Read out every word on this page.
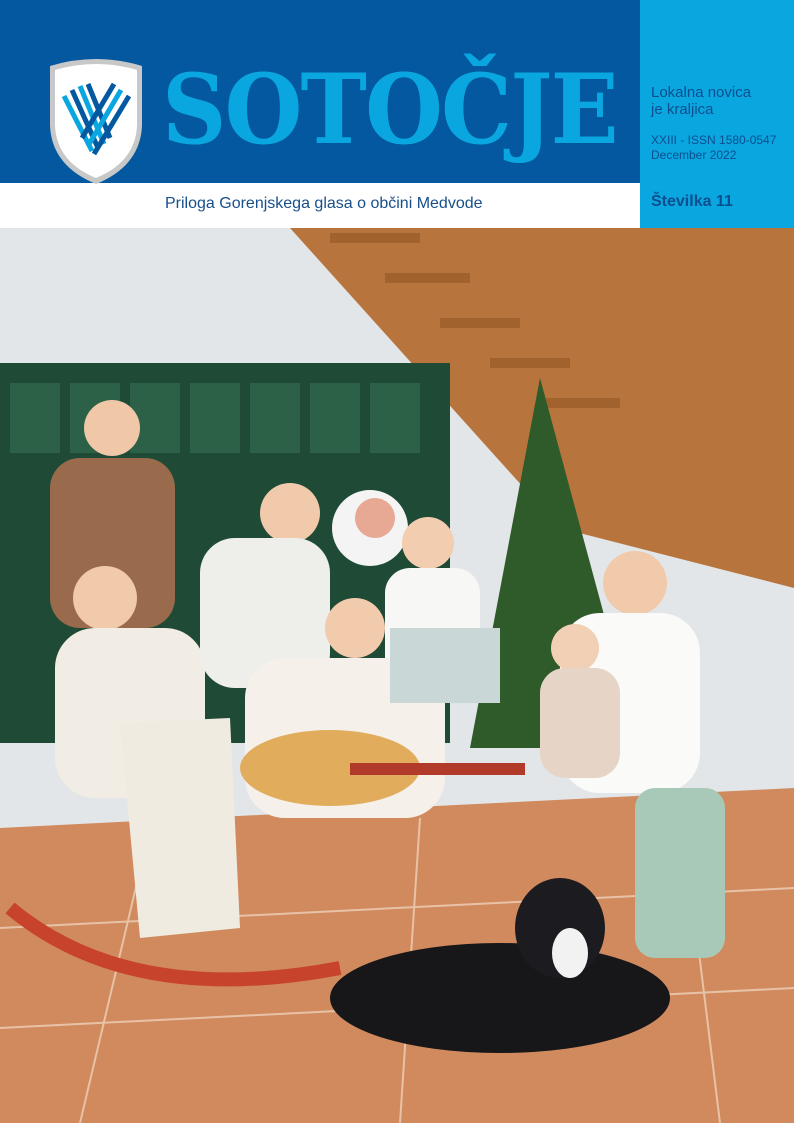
SOTOČJE
Priloga Gorenjskega glasa o občini Medvode
Lokalna novica
je kraljica
XXIII - ISSN 1580-0547
December 2022
Številka 11
